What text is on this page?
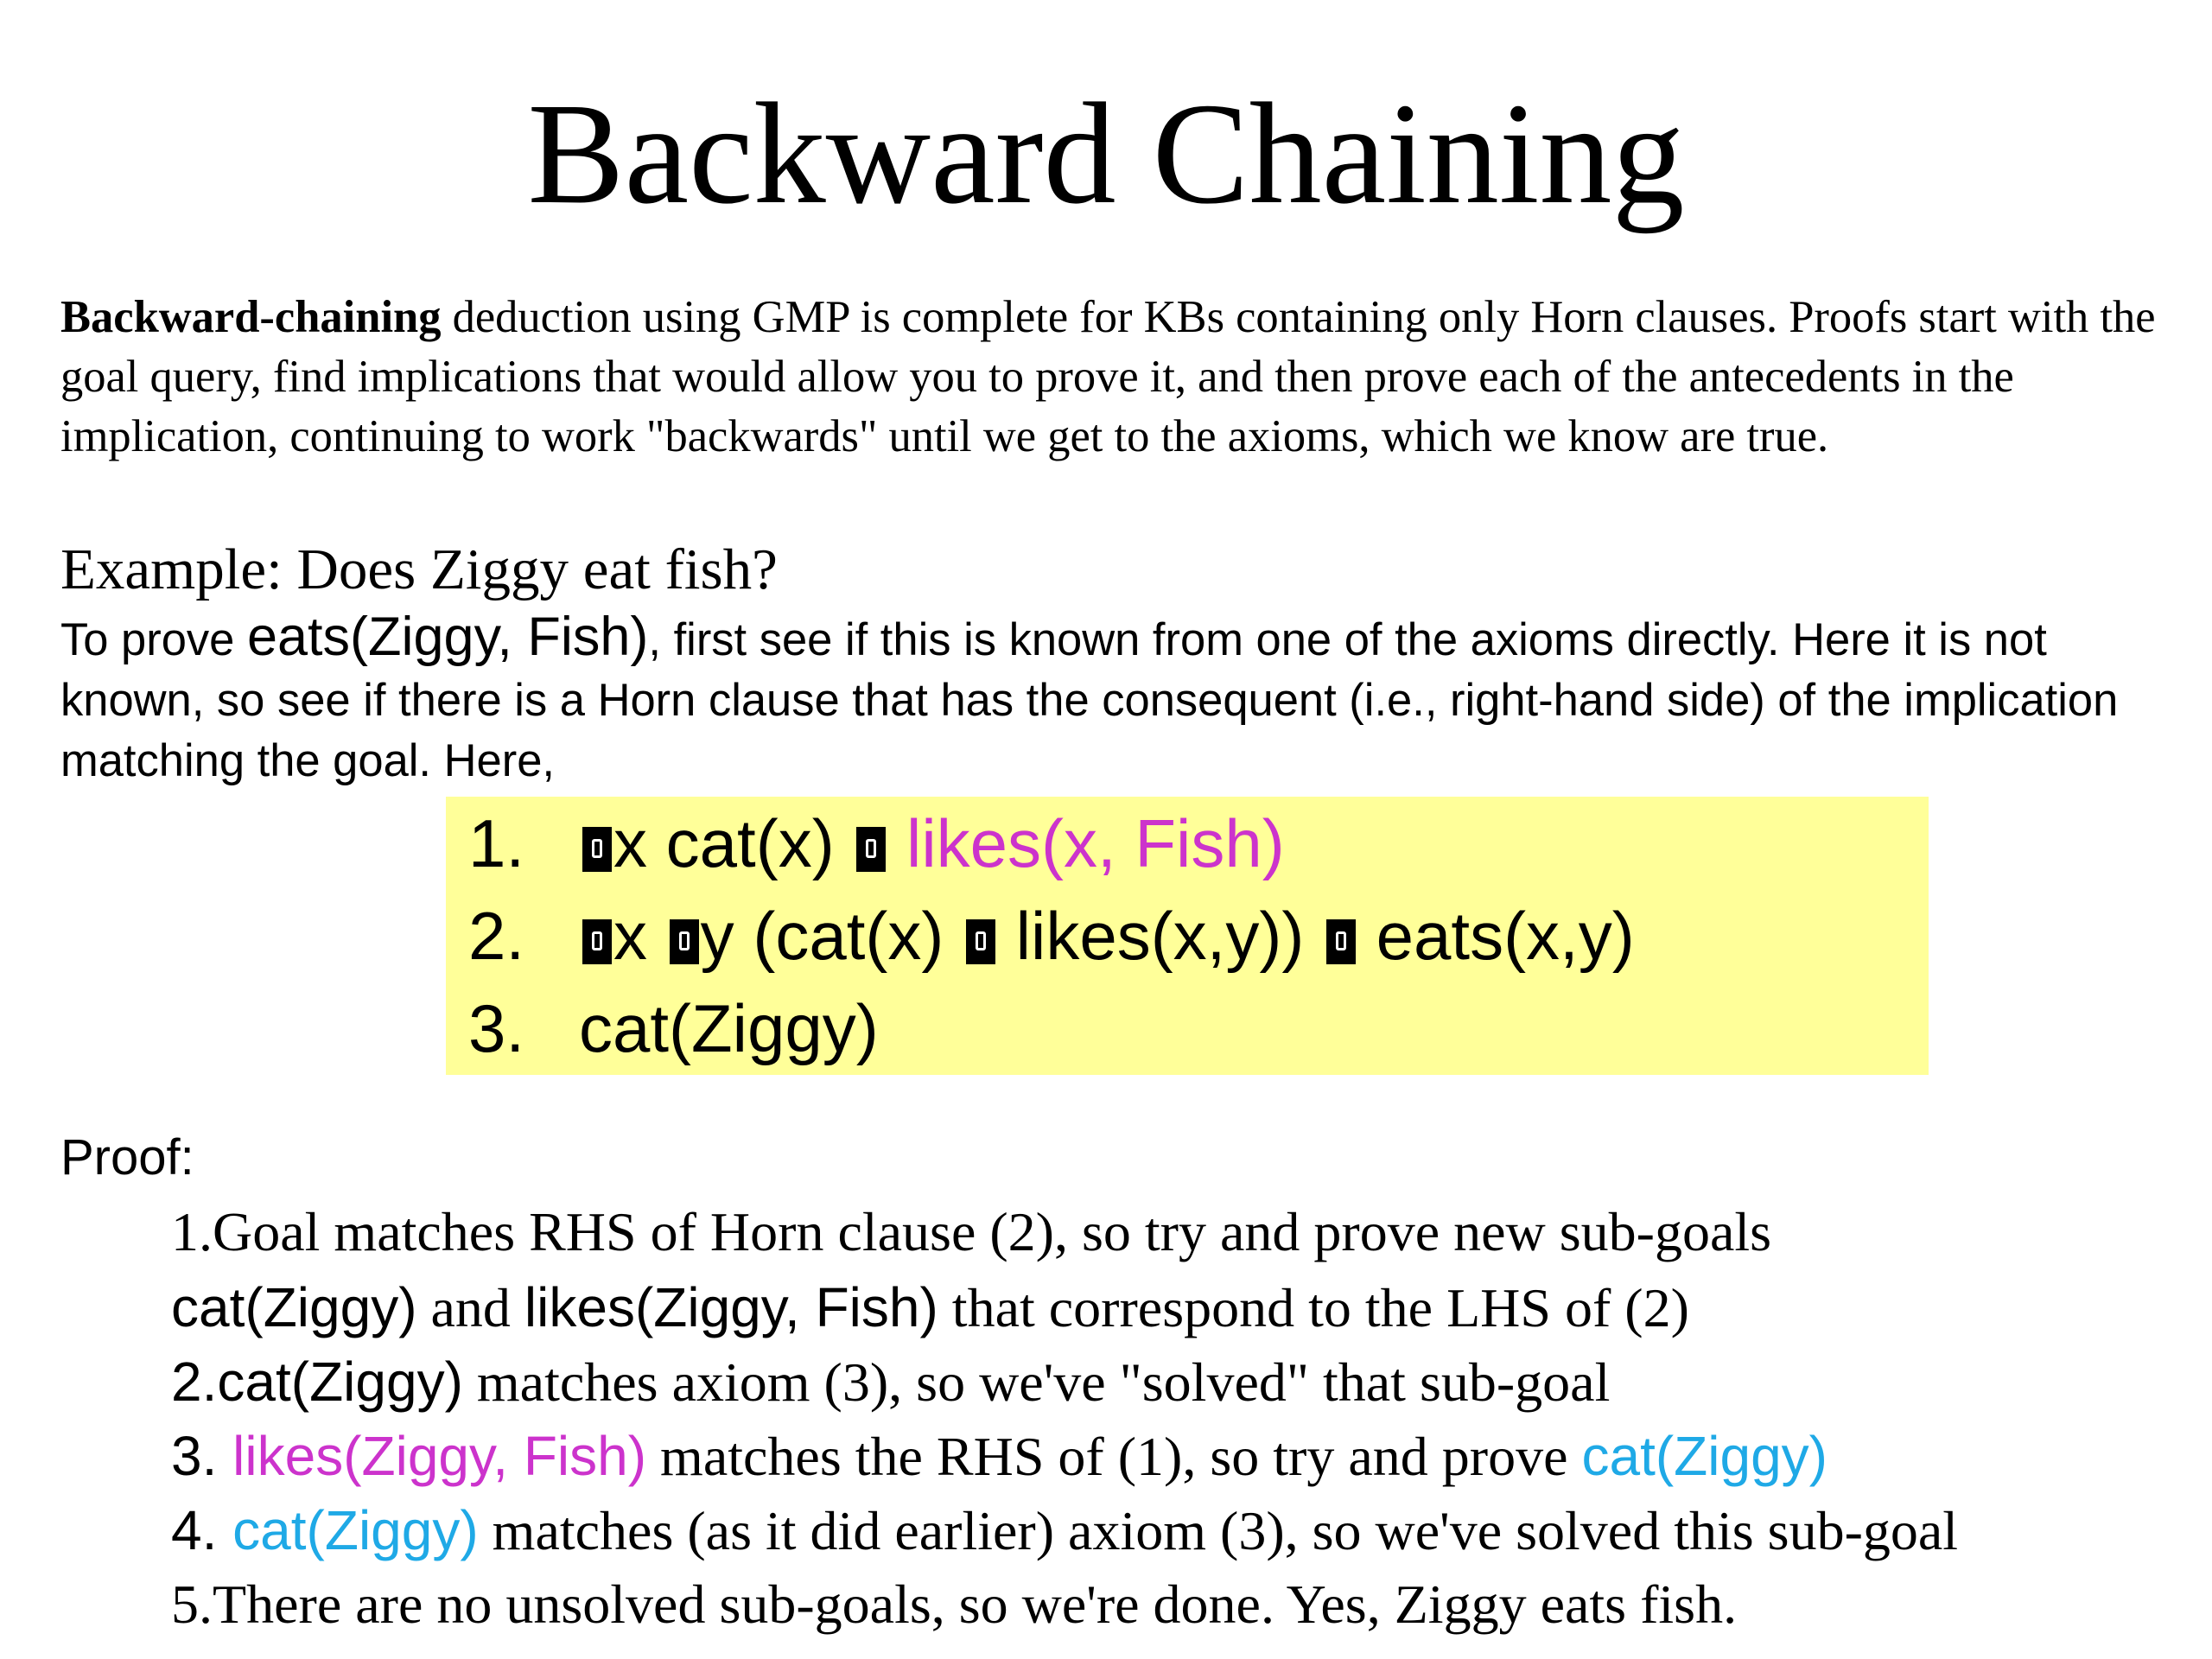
Backward Chaining

Backward-chaining deduction using GMP is complete for KBs containing only Horn clauses. Proofs start with the goal query, find implications that would allow you to prove it, and then prove each of the antecedents in the implication, continuing to work "backwards" until we get to the axioms, which we know are true.

Example: Does Ziggy eat fish?

To prove eats(Ziggy, Fish), first see if this is known from one of the axioms directly. Here it is not known, so see if there is a Horn clause that has the consequent (i.e., right-hand side) of the implication matching the goal. Here,

1.	x cat(x)  likes(x, Fish)
2.	x y (cat(x)  likes(x,y))  eats(x,y)
3. cat(Ziggy)

Proof:

1.Goal matches RHS of Horn clause (2), so try and prove new sub-goals

cat(Ziggy) and likes(Ziggy, Fish) that correspond to the LHS of (2)

2.cat(Ziggy) matches axiom (3), so we've "solved" that sub-goal

3. likes(Ziggy, Fish) matches the RHS of (1), so try and prove cat(Ziggy)

4. cat(Ziggy) matches (as it did earlier) axiom (3), so we've solved this sub-goal

5.There are no unsolved sub-goals, so we're done. Yes, Ziggy eats fish.
